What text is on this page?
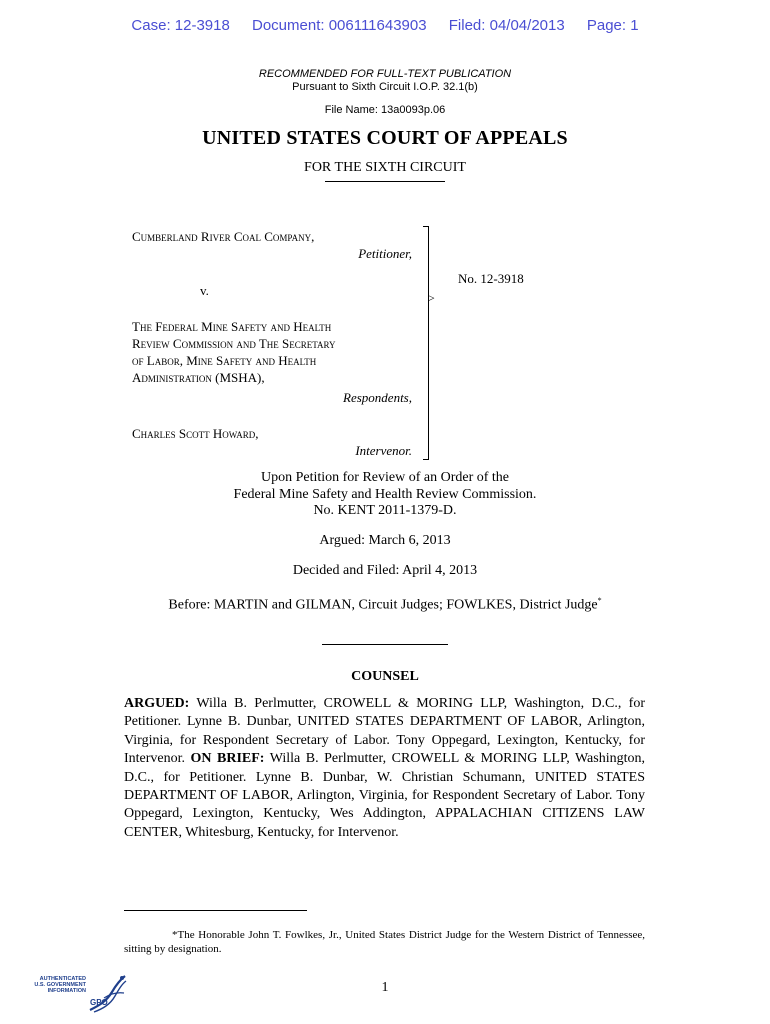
Case: 12-3918 Document: 006111643903 Filed: 04/04/2013 Page: 1
RECOMMENDED FOR FULL-TEXT PUBLICATION
Pursuant to Sixth Circuit I.O.P. 32.1(b)
File Name: 13a0093p.06
UNITED STATES COURT OF APPEALS
FOR THE SIXTH CIRCUIT
Cumberland River Coal Company,
Petitioner,
v.
The Federal Mine Safety and Health
Review Commission and The Secretary
of Labor, Mine Safety and Health
Administration (MSHA),
Respondents,
Charles Scott Howard,
Intervenor.
>
No. 12-3918
Upon Petition for Review of an Order of the
Federal Mine Safety and Health Review Commission.
No. KENT 2011-1379-D.
Argued: March 6, 2013
Decided and Filed: April 4, 2013
Before: MARTIN and GILMAN, Circuit Judges; FOWLKES, District Judge*
COUNSEL
ARGUED: Willa B. Perlmutter, CROWELL & MORING LLP, Washington, D.C., for Petitioner. Lynne B. Dunbar, UNITED STATES DEPARTMENT OF LABOR, Arlington, Virginia, for Respondent Secretary of Labor. Tony Oppegard, Lexington, Kentucky, for Intervenor. ON BRIEF: Willa B. Perlmutter, CROWELL & MORING LLP, Washington, D.C., for Petitioner. Lynne B. Dunbar, W. Christian Schumann, UNITED STATES DEPARTMENT OF LABOR, Arlington, Virginia, for Respondent Secretary of Labor. Tony Oppegard, Lexington, Kentucky, Wes Addington, APPALACHIAN CITIZENS LAW CENTER, Whitesburg, Kentucky, for Intervenor.
*The Honorable John T. Fowlkes, Jr., United States District Judge for the Western District of Tennessee, sitting by designation.
1
AUTHENTICATED
U.S. GOVERNMENT
INFORMATION
GPO
